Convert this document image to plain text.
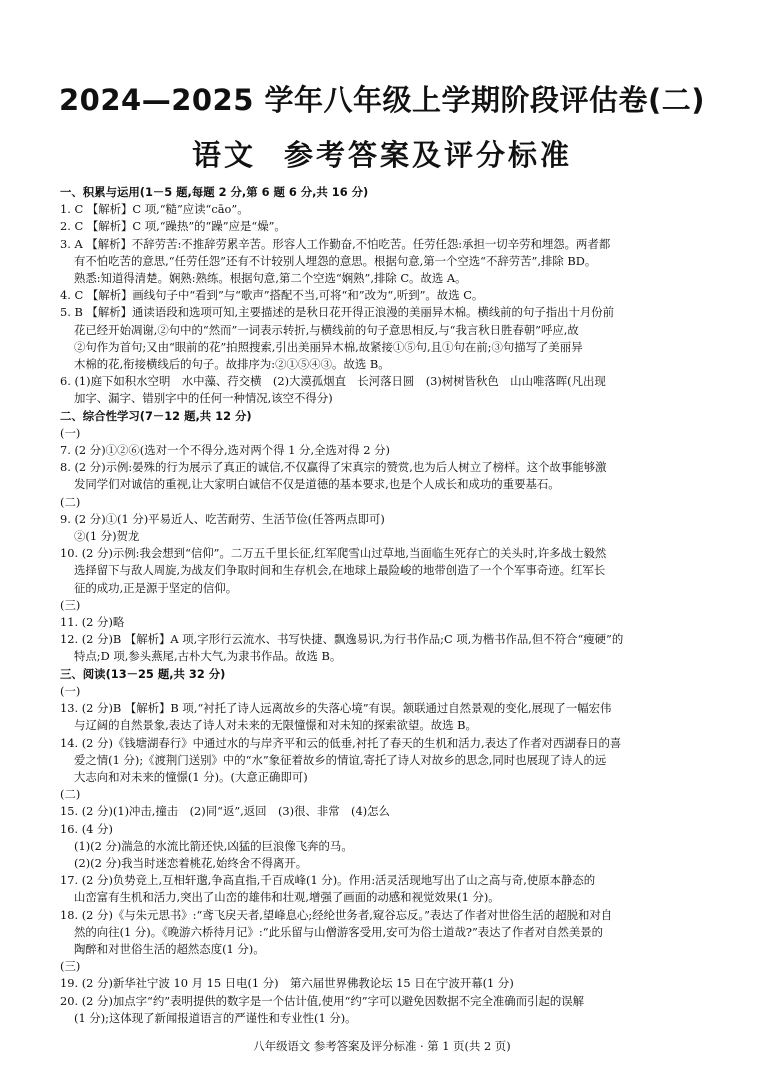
2024—2025 学年八年级上学期阶段评估卷(二)
语文 参考答案及评分标准
一、积累与运用(1－5 题,每题 2 分,第 6 题 6 分,共 16 分)
1. C 【解析】C 项,“糙”应读“cāo”。
2. C 【解析】C 项,“躁热”的“躁”应是“燥”。
3. A 【解析】不辞劳苦:不推辞劳累辛苦。形容人工作勤奋,不怕吃苦。任劳任怨:承担一切辛劳和埋怨。两者都
有不怕吃苦的意思,“任劳任怨”还有不计较别人埋怨的意思。根据句意,第一个空选“不辞劳苦”,排除 BD。
熟悉:知道得清楚。娴熟:熟练。根据句意,第二个空选“娴熟”,排除 C。故选 A。
4. C 【解析】画线句子中“看到”与“歌声”搭配不当,可将“和”改为“,听到”。故选 C。
5. B 【解析】通读语段和选项可知,主要描述的是秋日花开得正浪漫的美丽异木棉。横线前的句子指出十月份前
花已经开始凋谢,②句中的“然而”一词表示转折,与横线前的句子意思相反,与“我言秋日胜春朝”呼应,故
②句作为首句;又由“眼前的花”拍照搜索,引出美丽异木棉,故紧接①⑤句,且①句在前;③句描写了美丽异
木棉的花,衔接横线后的句子。故排序为:②①⑤④③。故选 B。
6. (1)庭下如积水空明　水中藻、荇交横　(2)大漠孤烟直　长河落日圆　(3)树树皆秋色　山山唯落晖(凡出现
加字、漏字、错别字中的任何一种情况,该空不得分)
二、综合性学习(7－12 题,共 12 分)
(一)
7. (2 分)①②⑥(选对一个不得分,选对两个得 1 分,全选对得 2 分)
8. (2 分)示例:晏殊的行为展示了真正的诚信,不仅赢得了宋真宗的赞赏,也为后人树立了榜样。这个故事能够激
发同学们对诚信的重视,让大家明白诚信不仅是道德的基本要求,也是个人成长和成功的重要基石。
(二)
9. (2 分)①(1 分)平易近人、吃苦耐劳、生活节俭(任答两点即可)
②(1 分)贺龙
10. (2 分)示例:我会想到“信仰”。二万五千里长征,红军爬雪山过草地,当面临生死存亡的关头时,许多战士毅然
选择留下与敌人周旋,为战友们争取时间和生存机会,在地球上最险峻的地带创造了一个个军事奇迹。红军长
征的成功,正是源于坚定的信仰。
(三)
11. (2 分)略
12. (2 分)B 【解析】A 项,字形行云流水、书写快捷、飘逸易识,为行书作品;C 项,为楷书作品,但不符合“瘦硬”的
特点;D 项,参头燕尾,古朴大气,为隶书作品。故选 B。
三、阅读(13－25 题,共 32 分)
(一)
13. (2 分)B 【解析】B 项,“衬托了诗人远离故乡的失落心境”有误。颔联通过自然景观的变化,展现了一幅宏伟
与辽阔的自然景象,表达了诗人对未来的无限憧憬和对未知的探索欲望。故选 B。
14. (2 分)《钱塘湖春行》中通过水的与岸齐平和云的低垂,衬托了春天的生机和活力,表达了作者对西湖春日的喜
爱之情(1 分);《渡荆门送别》中的“水”象征着故乡的情谊,寄托了诗人对故乡的思念,同时也展现了诗人的远
大志向和对未来的憧憬(1 分)。(大意正确即可)
(二)
15. (2 分)(1)冲击,撞击　(2)同“返”,返回　(3)很、非常　(4)怎么
16. (4 分)
(1)(2 分)湍急的水流比箭还快,凶猛的巨浪像飞奔的马。
(2)(2 分)我当时迷恋着桃花,始终舍不得离开。
17. (2 分)负势竞上,互相轩邈,争高直指,千百成峰(1 分)。作用:活灵活现地写出了山之高与奇,使原本静态的
山峦富有生机和活力,突出了山峦的雄伟和壮观,增强了画面的动感和视觉效果(1 分)。
18. (2 分)《与朱元思书》:“鸢飞戾天者,望峰息心;经纶世务者,窥谷忘反。”表达了作者对世俗生活的超脱和对自
然的向往(1 分)。《晚游六桥待月记》:“此乐留与山僧游客受用,安可为俗士道哉?”表达了作者对自然美景的
陶醉和对世俗生活的超然态度(1 分)。
(三)
19. (2 分)新华社宁波 10 月 15 日电(1 分)　第六届世界佛教论坛 15 日在宁波开幕(1 分)
20. (2 分)加点字“约”表明提供的数字是一个估计值,使用“约”字可以避免因数据不完全准确而引起的误解
(1 分);这体现了新闻报道语言的严谨性和专业性(1 分)。
八年级语文 参考答案及评分标准 · 第 1 页(共 2 页)
